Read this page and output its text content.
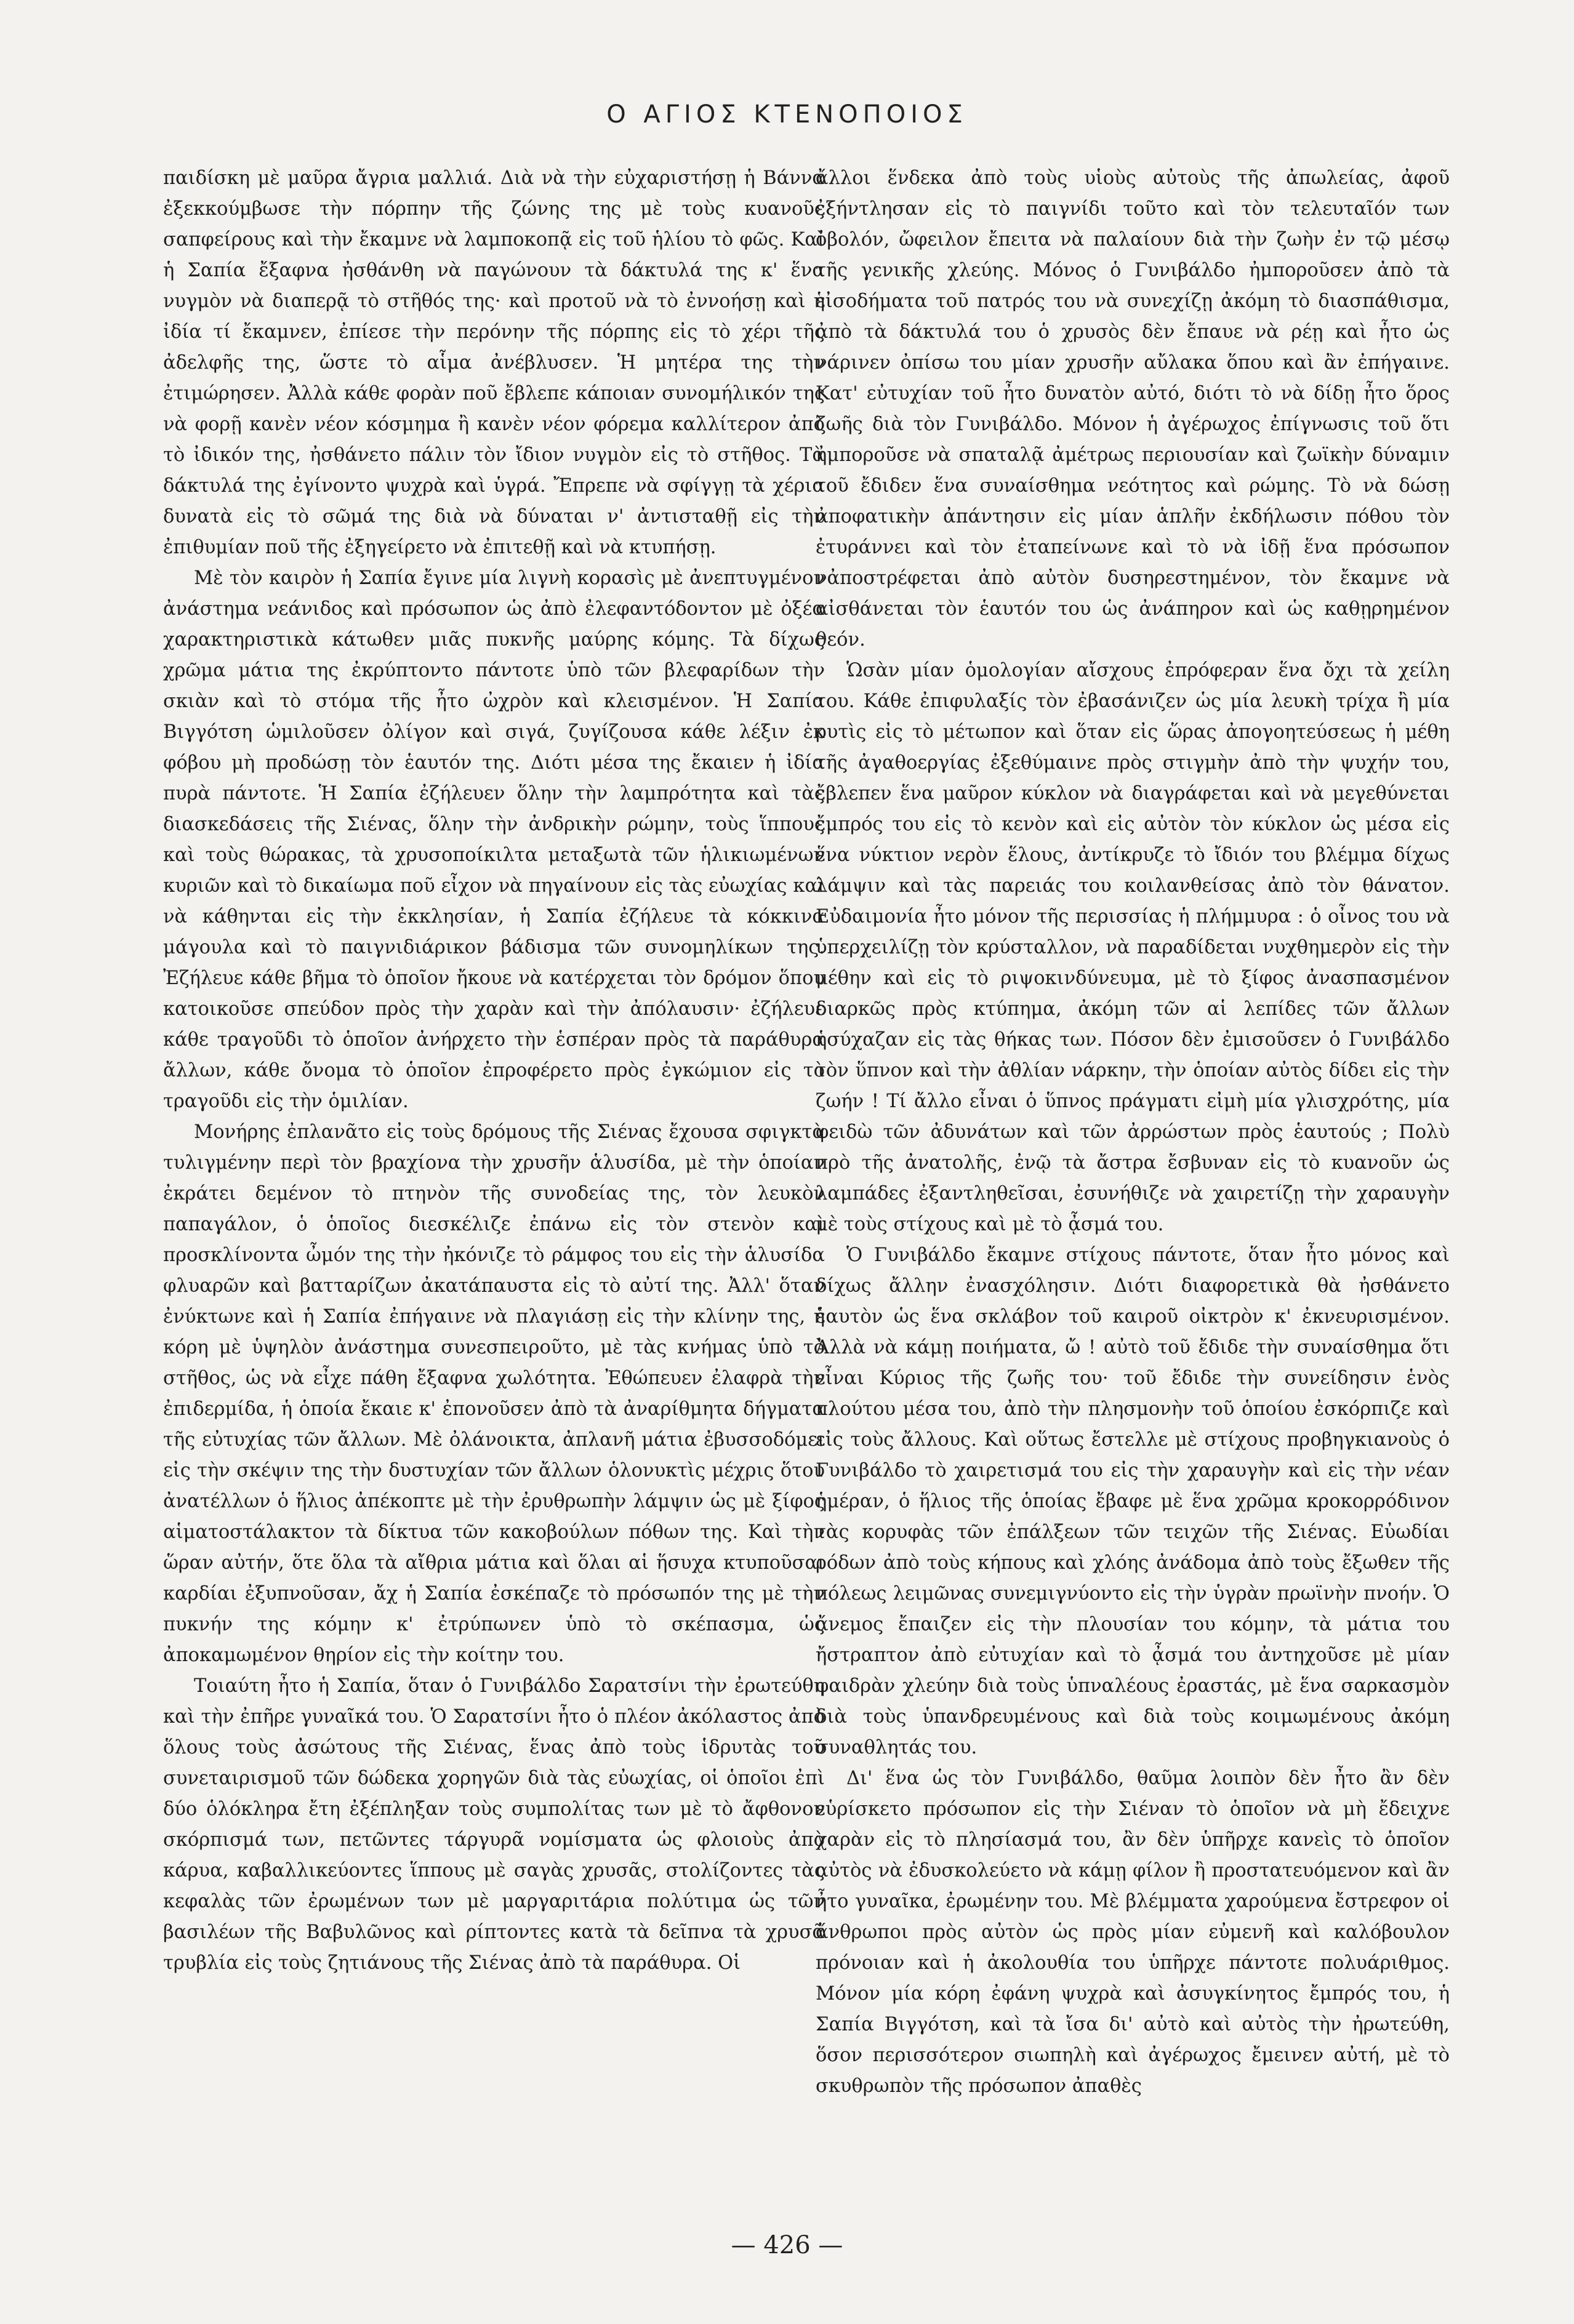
Ο ΑΓΙΟΣ ΚΤΕΝΟΠΟΙΟΣ

παιδίσκη μὲ μαῦρα ἄγρια μαλλιά. Διὰ νὰ τὴν εὐχαριστήσῃ ἡ Βάννα ἐξεκκούμβωσε τὴν πόρπην τῆς ζώνης της μὲ τοὺς κυανοῦς σαπφείρους καὶ τὴν ἔκαμνε νὰ λαμποκοπᾷ εἰς τοῦ ἡλίου τὸ φῶς. Καὶ ἡ Σαπία ἔξαφνα ἠσθάνθη νὰ παγώνουν τὰ δάκτυλά της κ' ἕνα νυγμὸν νὰ διαπερᾷ τὸ στῆθός της· καὶ προτοῦ νὰ τὸ ἐννοήσῃ καὶ ἡ ἰδία τί ἔκαμνεν, ἐπίεσε τὴν περόνην τῆς πόρπης εἰς τὸ χέρι τῆς ἀδελφῆς της, ὥστε τὸ αἷμα ἀνέβλυσεν. Ἡ μητέρα της τὴν ἐτιμώρησεν. Ἀλλὰ κάθε φορὰν ποῦ ἔβλεπε κάποιαν συνομήλικόν της νὰ φορῇ κανὲν νέον κόσμημα ἢ κανὲν νέον φόρεμα καλλίτερον ἀπὸ τὸ ἰδικόν της, ἠσθάνετο πάλιν τὸν ἴδιον νυγμὸν εἰς τὸ στῆθος. Τὰ δάκτυλά της ἐγίνοντο ψυχρὰ καὶ ὑγρά. Ἔπρεπε νὰ σφίγγῃ τὰ χέρια δυνατὰ εἰς τὸ σῶμά της διὰ νὰ δύναται ν' ἀντισταθῇ εἰς τὴν ἐπιθυμίαν ποῦ τῆς ἐξηγείρετο νὰ ἐπιτεθῇ καὶ νὰ κτυπήσῃ.

Μὲ τὸν καιρὸν ἡ Σαπία ἔγινε μία λιγνὴ κορασὶς μὲ ἀνεπτυγμένον ἀνάστημα νεάνιδος καὶ πρόσωπον ὡς ἀπὸ ἐλεφαντόδοντον μὲ ὀξέα χαρακτηριστικὰ κάτωθεν μιᾶς πυκνῆς μαύρης κόμης. Τὰ δίχως χρῶμα μάτια της ἐκρύπτοντο πάντοτε ὑπὸ τῶν βλεφαρίδων τὴν σκιὰν καὶ τὸ στόμα τῆς ἦτο ὠχρὸν καὶ κλεισμένον. Ἡ Σαπία Βιγγότση ὡμιλοῦσεν ὀλίγον καὶ σιγά, ζυγίζουσα κάθε λέξιν ἐκ φόβου μὴ προδώσῃ τὸν ἑαυτόν της. Διότι μέσα της ἔκαιεν ἡ ἰδία πυρὰ πάντοτε. Ἡ Σαπία ἐζήλευεν ὅλην τὴν λαμπρότητα καὶ τὰς διασκεδάσεις τῆς Σιένας, ὅλην τὴν ἀνδρικὴν ρώμην, τοὺς ἵππους καὶ τοὺς θώρακας, τὰ χρυσοποίκιλτα μεταξωτὰ τῶν ἡλικιωμένων κυριῶν καὶ τὸ δικαίωμα ποῦ εἶχον νὰ πηγαίνουν εἰς τὰς εὐωχίας καὶ νὰ κάθηνται εἰς τὴν ἐκκλησίαν, ἡ Σαπία ἐζήλευε τὰ κόκκινα μάγουλα καὶ τὸ παιγνιδιάρικον βάδισμα τῶν συνομηλίκων της. Ἐζήλευε κάθε βῆμα τὸ ὁποῖον ἤκουε νὰ κατέρχεται τὸν δρόμον ὅπου κατοικοῦσε σπεύδον πρὸς τὴν χαρὰν καὶ τὴν ἀπόλαυσιν· ἐζήλευε κάθε τραγοῦδι τὸ ὁποῖον ἀνήρχετο τὴν ἑσπέραν πρὸς τὰ παράθυρα ἄλλων, κάθε ὄνομα τὸ ὁποῖον ἐπροφέρετο πρὸς ἐγκώμιον εἰς τὸ τραγοῦδι εἰς τὴν ὁμιλίαν.

Μονήρης ἐπλανᾶτο εἰς τοὺς δρόμους τῆς Σιένας ἔχουσα σφιγκτὰ τυλιγμένην περὶ τὸν βραχίονα τὴν χρυσῆν ἁλυσίδα, μὲ τὴν ὁποίαν ἐκράτει δεμένον τὸ πτηνὸν τῆς συνοδείας της, τὸν λευκὸν παπαγάλον, ὁ ὁποῖος διεσκέλιζε ἐπάνω εἰς τὸν στενὸν καὶ προσκλίνοντα ὦμόν της τὴν ἠκόνιζε τὸ ράμφος του εἰς τὴν ἁλυσίδα φλυαρῶν καὶ βατταρίζων ἀκατάπαυστα εἰς τὸ αὐτί της. Ἀλλ' ὅταν ἐνύκτωνε καὶ ἡ Σαπία ἐπήγαινε νὰ πλαγιάσῃ εἰς τὴν κλίνην της, ἡ κόρη μὲ ὑψηλὸν ἀνάστημα συνεσπειροῦτο, μὲ τὰς κνήμας ὑπὸ τὸ στῆθος, ὡς νὰ εἶχε πάθη ἔξαφνα χωλότητα. Ἐθώπευεν ἐλαφρὰ τὴν ἐπιδερμίδα, ἡ ὁποία ἔκαιε κ' ἐπονοῦσεν ἀπὸ τὰ ἀναρίθμητα δήγματα τῆς εὐτυχίας τῶν ἄλλων. Μὲ ὀλάνοικτα, ἀπλανῆ μάτια ἐβυσσοδόμει εἰς τὴν σκέψιν της τὴν δυστυχίαν τῶν ἄλλων ὁλονυκτὶς μέχρις ὅτου ἀνατέλλων ὁ ἥλιος ἀπέκοπτε μὲ τὴν ἐρυθρωπὴν λάμψιν ὡς μὲ ξίφος αἱματοστάλακτον τὰ δίκτυα τῶν κακοβούλων πόθων της. Καὶ τὴν ὥραν αὐτήν, ὅτε ὅλα τὰ αἴθρια μάτια καὶ ὅλαι αἱ ἥσυχα κτυποῦσαι καρδίαι ἐξυπνοῦσαν, ἄχ ἡ Σαπία ἐσκέπαζε τὸ πρόσωπόν της μὲ τὴν πυκνήν της κόμην κ' ἐτρύπωνεν ὑπὸ τὸ σκέπασμα, ὡς ἀποκαμωμένον θηρίον εἰς τὴν κοίτην του.

Τοιαύτη ἦτο ἡ Σαπία, ὅταν ὁ Γυνιβάλδο Σαρατσίνι τὴν ἐρωτεύθη καὶ τὴν ἐπῆρε γυναῖκά του. Ὁ Σαρατσίνι ἦτο ὁ πλέον ἀκόλαστος ἀπὸ ὅλους τοὺς ἀσώτους τῆς Σιένας, ἕνας ἀπὸ τοὺς ἱδρυτὰς τοῦ συνεταιρισμοῦ τῶν δώδεκα χορηγῶν διὰ τὰς εὐωχίας, οἱ ὁποῖοι ἐπὶ δύο ὁλόκληρα ἔτη ἐξέπληξαν τοὺς συμπολίτας των μὲ τὸ ἄφθονον σκόρπισμά των, πετῶντες τάργυρᾶ νομίσματα ὡς φλοιοὺς ἀπὸ κάρυα, καβαλλικεύοντες ἵππους μὲ σαγὰς χρυσᾶς, στολίζοντες τὰς κεφαλὰς τῶν ἐρωμένων των μὲ μαργαριτάρια πολύτιμα ὡς τῶν βασιλέων τῆς Βαβυλῶνος καὶ ρίπτοντες κατὰ τὰ δεῖπνα τὰ χρυσᾶ τρυβλία εἰς τοὺς ζητιάνους τῆς Σιένας ἀπὸ τὰ παράθυρα. Οἱ

ἄλλοι ἕνδεκα ἀπὸ τοὺς υἱοὺς αὐτοὺς τῆς ἀπωλείας, ἀφοῦ ἐξήντλησαν εἰς τὸ παιγνίδι τοῦτο καὶ τὸν τελευταῖόν των ὀβολόν, ὤφειλον ἔπειτα νὰ παλαίουν διὰ τὴν ζωὴν ἐν τῷ μέσῳ τῆς γενικῆς χλεύης. Μόνος ὁ Γυνιβάλδο ἠμποροῦσεν ἀπὸ τὰ εἰσοδήματα τοῦ πατρός του νὰ συνεχίζῃ ἀκόμη τὸ διασπάθισμα, ἀπὸ τὰ δάκτυλά του ὁ χρυσὸς δὲν ἔπαυε νὰ ρέῃ καὶ ἦτο ὡς νάρινεν ὀπίσω του μίαν χρυσῆν αὔλακα ὅπου καὶ ἂν ἐπήγαινε. Κατ' εὐτυχίαν τοῦ ἦτο δυνατὸν αὐτό, διότι τὸ νὰ δίδῃ ἦτο ὅρος ζωῆς διὰ τὸν Γυνιβάλδο. Μόνον ἡ ἀγέρωχος ἐπίγνωσις τοῦ ὅτι ἠμποροῦσε νὰ σπαταλᾷ ἀμέτρως περιουσίαν καὶ ζωϊκὴν δύναμιν τοῦ ἔδιδεν ἕνα συναίσθημα νεότητος καὶ ρώμης. Τὸ νὰ δώσῃ ἀποφατικὴν ἀπάντησιν εἰς μίαν ἁπλῆν ἐκδήλωσιν πόθου τὸν ἐτυράννει καὶ τὸν ἐταπείνωνε καὶ τὸ νὰ ἰδῇ ἕνα πρόσωπον νἀποστρέφεται ἀπὸ αὐτὸν δυσηρεστημένον, τὸν ἔκαμνε νὰ αἰσθάνεται τὸν ἑαυτόν του ὡς ἀνάπηρον καὶ ὡς καθῃρημένον θεόν.

Ὡσὰν μίαν ὁμολογίαν αἴσχους ἐπρόφεραν ἕνα ὄχι τὰ χείλη του. Κάθε ἐπιφυλαξίς τὸν ἐβασάνιζεν ὡς μία λευκὴ τρίχα ἢ μία ρυτὶς εἰς τὸ μέτωπον καὶ ὅταν εἰς ὥρας ἀπογοητεύσεως ἡ μέθη τῆς ἀγαθοεργίας ἐξεθύμαινε πρὸς στιγμὴν ἀπὸ τὴν ψυχήν του, ἔβλεπεν ἕνα μαῦρον κύκλον νὰ διαγράφεται καὶ νὰ μεγεθύνεται ἔμπρός του εἰς τὸ κενὸν καὶ εἰς αὐτὸν τὸν κύκλον ὡς μέσα εἰς ἕνα νύκτιον νερὸν ἕλους, ἀντίκρυζε τὸ ἴδιόν του βλέμμα δίχως λάμψιν καὶ τὰς παρειάς του κοιλανθείσας ἀπὸ τὸν θάνατον. Εὐδαιμονία ἦτο μόνον τῆς περισσίας ἡ πλήμμυρα : ὁ οἶνος του νὰ ὑπερχειλίζῃ τὸν κρύσταλλον, νὰ παραδίδεται νυχθημερὸν εἰς τὴν μέθην καὶ εἰς τὸ ριψοκινδύνευμα, μὲ τὸ ξίφος ἀνασπασμένον διαρκῶς πρὸς κτύπημα, ἀκόμη τῶν αἱ λεπίδες τῶν ἄλλων ἡσύχαζαν εἰς τὰς θήκας των. Πόσον δὲν ἐμισοῦσεν ὁ Γυνιβάλδο τὸν ὕπνον καὶ τὴν ἀθλίαν νάρκην, τὴν ὁποίαν αὐτὸς δίδει εἰς τὴν ζωήν ! Τί ἄλλο εἶναι ὁ ὕπνος πράγματι εἰμὴ μία γλισχρότης, μία φειδὼ τῶν ἀδυνάτων καὶ τῶν ἀρρώστων πρὸς ἑαυτούς ; Πολὺ πρὸ τῆς ἀνατολῆς, ἐνῷ τὰ ἄστρα ἔσβυναν εἰς τὸ κυανοῦν ὡς λαμπάδες ἐξαντληθεῖσαι, ἐσυνήθιζε νὰ χαιρετίζῃ τὴν χαραυγὴν μὲ τοὺς στίχους καὶ μὲ τὸ ᾆσμά του.

Ὁ Γυνιβάλδο ἔκαμνε στίχους πάντοτε, ὅταν ἦτο μόνος καὶ δίχως ἄλλην ἐνασχόλησιν. Διότι διαφορετικὰ θὰ ἠσθάνετο ἑαυτὸν ὡς ἕνα σκλάβον τοῦ καιροῦ οἰκτρὸν κ' ἐκνευρισμένον. Ἀλλὰ νὰ κάμῃ ποιήματα, ὤ ! αὐτὸ τοῦ ἔδιδε τὴν συναίσθημα ὅτι εἶναι Κύριος τῆς ζωῆς του· τοῦ ἔδιδε τὴν συνείδησιν ἑνὸς πλούτου μέσα του, ἀπὸ τὴν πλησμονὴν τοῦ ὁποίου ἐσκόρπιζε καὶ εἰς τοὺς ἄλλους. Καὶ οὕτως ἔστελλε μὲ στίχους προβηγκιανοὺς ὁ Γυνιβάλδο τὸ χαιρετισμά του εἰς τὴν χαραυγὴν καὶ εἰς τὴν νέαν ἡμέραν, ὁ ἥλιος τῆς ὁποίας ἔβαφε μὲ ἕνα χρῶμα κροκορρόδινον τὰς κορυφὰς τῶν ἐπάλξεων τῶν τειχῶν τῆς Σιένας. Εὐωδίαι ρόδων ἀπὸ τοὺς κήπους καὶ χλόης ἀνάδομα ἀπὸ τοὺς ἔξωθεν τῆς πόλεως λειμῶνας συνεμιγνύοντο εἰς τὴν ὑγρὰν πρωϊνὴν πνοήν. Ὁ ἄνεμος ἔπαιζεν εἰς τὴν πλουσίαν του κόμην, τὰ μάτια του ἤστραπτον ἀπὸ εὐτυχίαν καὶ τὸ ᾆσμά του ἀντηχοῦσε μὲ μίαν φαιδρὰν χλεύην διὰ τοὺς ὑπναλέους ἐραστάς, μὲ ἕνα σαρκασμὸν διὰ τοὺς ὑπανδρευμένους καὶ διὰ τοὺς κοιμωμένους ἀκόμη συναθλητάς του.

Δι' ἕνα ὡς τὸν Γυνιβάλδο, θαῦμα λοιπὸν δὲν ἦτο ἂν δὲν εὑρίσκετο πρόσωπον εἰς τὴν Σιέναν τὸ ὁποῖον νὰ μὴ ἔδειχνε χαρὰν εἰς τὸ πλησίασμά του, ἂν δὲν ὑπῆρχε κανεὶς τὸ ὁποῖον αὐτὸς νὰ ἐδυσκολεύετο νὰ κάμῃ φίλον ἢ προστατευόμενον καὶ ἂν ἦτο γυναῖκα, ἐρωμένην του. Μὲ βλέμματα χαρούμενα ἔστρεφον οἱ ἄνθρωποι πρὸς αὐτὸν ὡς πρὸς μίαν εὐμενῆ καὶ καλόβουλον πρόνοιαν καὶ ἡ ἀκολουθία του ὑπῆρχε πάντοτε πολυάριθμος. Μόνον μία κόρη ἐφάνη ψυχρὰ καὶ ἀσυγκίνητος ἔμπρός του, ἡ Σαπία Βιγγότση, καὶ τὰ ἴσα δι' αὐτὸ καὶ αὐτὸς τὴν ἠρωτεύθη, ὅσον περισσότερον σιωπηλὴ καὶ ἀγέρωχος ἔμεινεν αὐτή, μὲ τὸ σκυθρωπὸν τῆς πρόσωπον ἀπαθὲς

— 426 —
